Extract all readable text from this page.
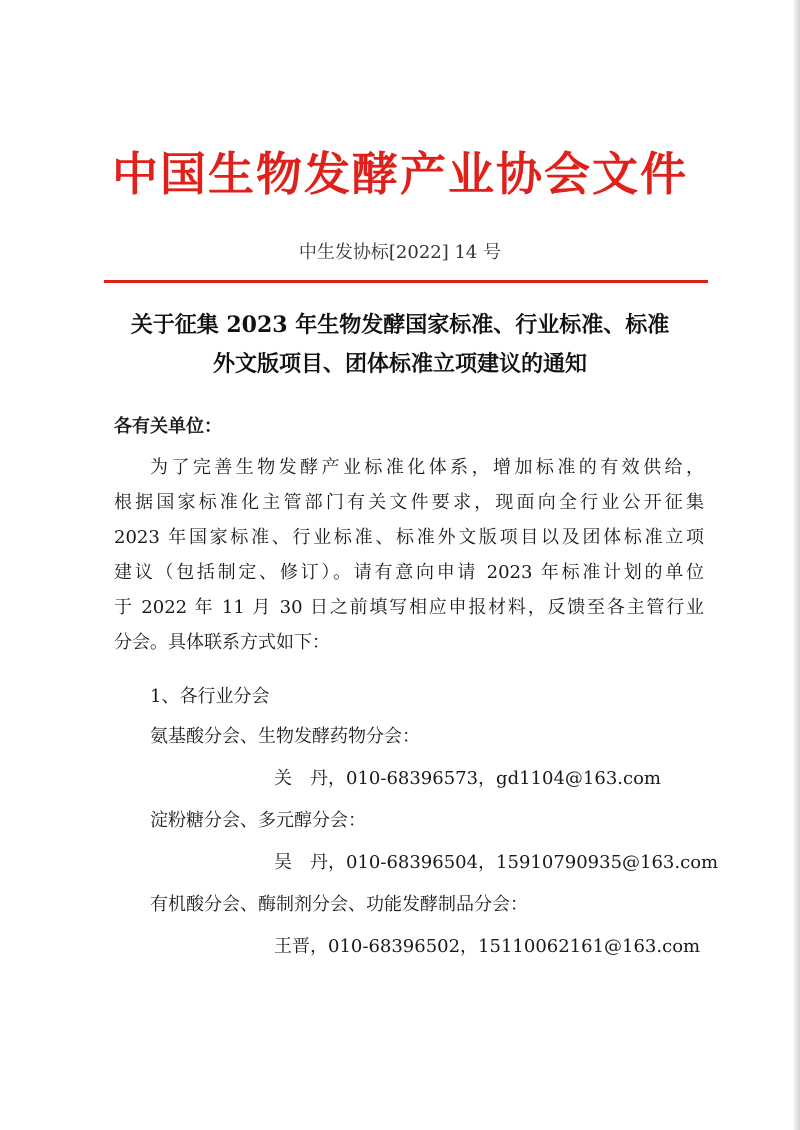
中国生物发酵产业协会文件
中生发协标[2022] 14 号
关于征集 2023 年生物发酵国家标准、行业标准、标准
外文版项目、团体标准立项建议的通知
各有关单位：
为了完善生物发酵产业标准化体系，增加标准的有效供给，
根据国家标准化主管部门有关文件要求，现面向全行业公开征集
2023 年国家标准、行业标准、标准外文版项目以及团体标准立项
建议（包括制定、修订）。请有意向申请 2023 年标准计划的单位
于 2022 年 11 月 30 日之前填写相应申报材料，反馈至各主管行业
分会。具体联系方式如下：
1、各行业分会
氨基酸分会、生物发酵药物分会：
关　丹，010-68396573，gd1104@163.com
淀粉糖分会、多元醇分会：
吴　丹，010-68396504，15910790935@163.com
有机酸分会、酶制剂分会、功能发酵制品分会：
王晋，010-68396502，15110062161@163.com
